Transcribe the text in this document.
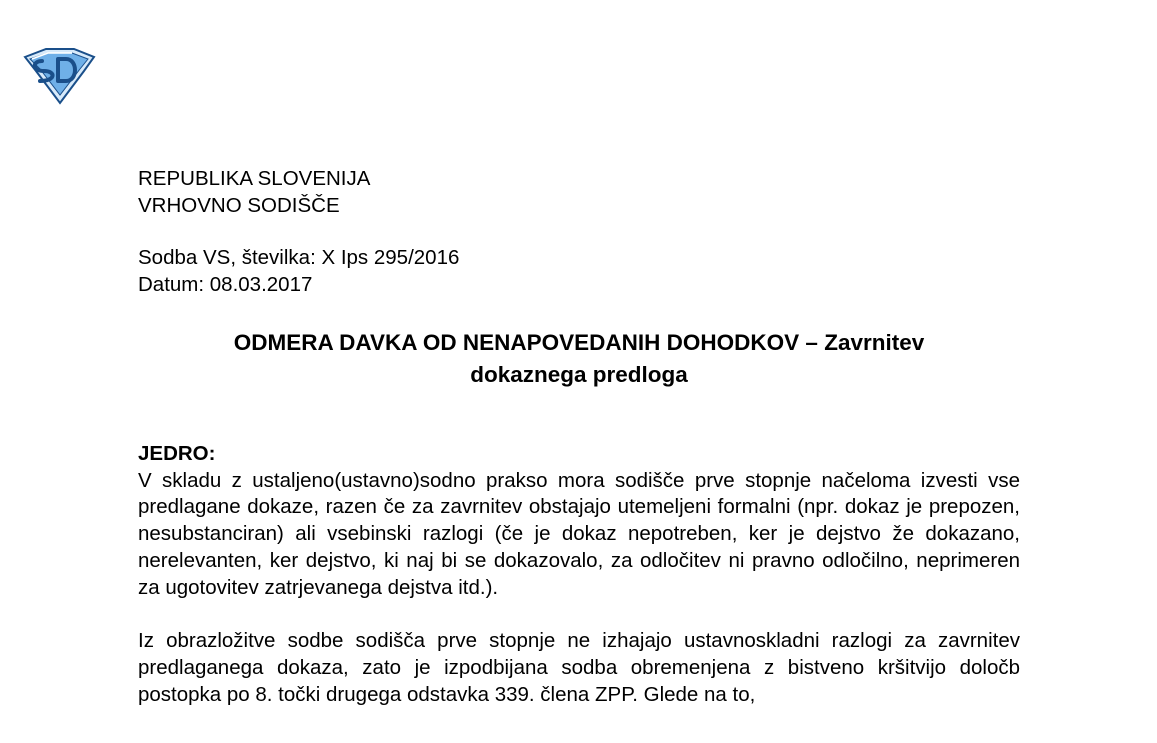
REPUBLIKA SLOVENIJA
VRHOVNO SODIŠČE
Sodba VS, številka: X Ips 295/2016
Datum: 08.03.2017
ODMERA DAVKA OD NENAPOVEDANIH DOHODKOV – Zavrnitev
dokaznega predloga
JEDRO:

V skladu z ustaljeno(ustavno)sodno prakso mora sodišče prve stopnje načeloma izvesti vse predlagane dokaze, razen če za zavrnitev obstajajo utemeljeni formalni (npr. dokaz je prepozen, nesubstanciran) ali vsebinski razlogi (če je dokaz nepotreben, ker je dejstvo že dokazano, nerelevanten, ker dejstvo, ki naj bi se dokazovalo, za odločitev ni pravno odločilno, neprimeren za ugotovitev zatrjevanega dejstva itd.).

Iz obrazložitve sodbe sodišča prve stopnje ne izhajajo ustavnoskladni razlogi za zavrnitev predlaganega dokaza, zato je izpodbijana sodba obremenjena z bistveno kršitvijo določb postopka po 8. točki drugega odstavka 339. člena ZPP. Glede na to,
